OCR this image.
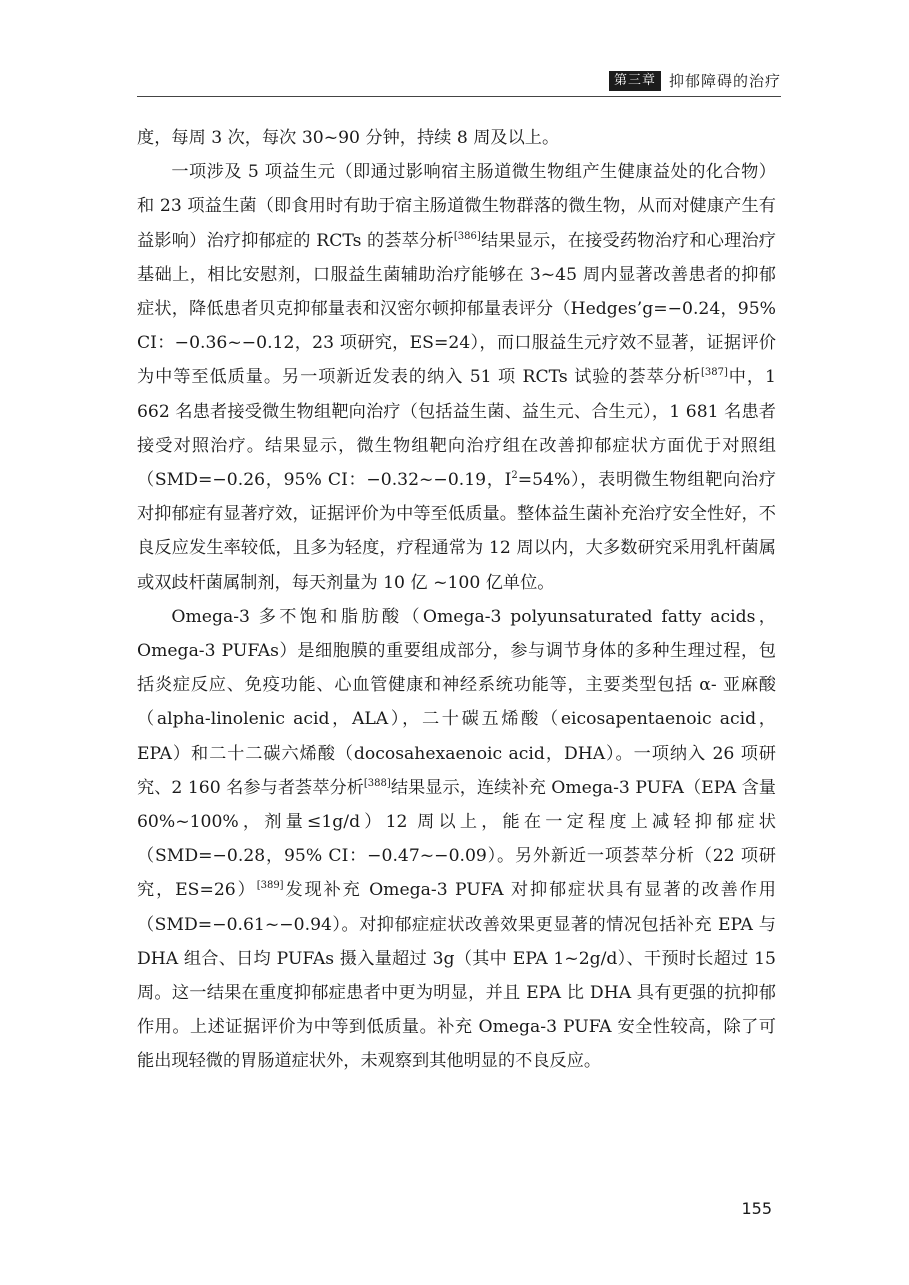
第三章 抑郁障碍的治疗

度，每周 3 次，每次 30~90 分钟，持续 8 周及以上。

一项涉及 5 项益生元（即通过影响宿主肠道微生物组产生健康益处的化合物）和 23 项益生菌（即食用时有助于宿主肠道微生物群落的微生物，从而对健康产生有益影响）治疗抑郁症的 RCTs 的荟萃分析[386]结果显示，在接受药物治疗和心理治疗基础上，相比安慰剂，口服益生菌辅助治疗能够在 3~45 周内显著改善患者的抑郁症状，降低患者贝克抑郁量表和汉密尔顿抑郁量表评分（Hedges’g=−0.24，95% CI：−0.36~−0.12，23 项研究，ES=24），而口服益生元疗效不显著，证据评价为中等至低质量。另一项新近发表的纳入 51 项 RCTs 试验的荟萃分析[387]中，1 662 名患者接受微生物组靶向治疗（包括益生菌、益生元、合生元），1 681 名患者接受对照治疗。结果显示，微生物组靶向治疗组在改善抑郁症状方面优于对照组（SMD=−0.26，95% CI：−0.32~−0.19，$I^2=54\%$），表明微生物组靶向治疗对抑郁症有显著疗效，证据评价为中等至低质量。整体益生菌补充治疗安全性好，不良反应发生率较低，且多为轻度，疗程通常为 12 周以内，大多数研究采用乳杆菌属或双歧杆菌属制剂，每天剂量为 10 亿 ~100 亿单位。

Omega-3 多不饱和脂肪酸（Omega-3 polyunsaturated fatty acids，Omega-3 PUFAs）是细胞膜的重要组成部分，参与调节身体的多种生理过程，包括炎症反应、免疫功能、心血管健康和神经系统功能等，主要类型包括 α- 亚麻酸（alpha-linolenic acid，ALA），二十碳五烯酸（eicosapentaenoic acid，EPA）和二十二碳六烯酸（docosahexaenoic acid，DHA）。一项纳入 26 项研究、2 160 名参与者荟萃分析[388]结果显示，连续补充 Omega-3 PUFA（EPA 含量 60%~100%，剂量≤1g/d）12 周以上，能在一定程度上减轻抑郁症状（SMD=−0.28，95% CI：−0.47~−0.09）。另外新近一项荟萃分析（22 项研究，ES=26）[389]发现补充 Omega-3 PUFA 对抑郁症状具有显著的改善作用（SMD=−0.61~−0.94）。对抑郁症症状改善效果更显著的情况包括补充 EPA 与 DHA 组合、日均 PUFAs 摄入量超过 3g（其中 EPA 1~2g/d）、干预时长超过 15 周。这一结果在重度抑郁症患者中更为明显，并且 EPA 比 DHA 具有更强的抗抑郁作用。上述证据评价为中等到低质量。补充 Omega-3 PUFA 安全性较高，除了可能出现轻微的胃肠道症状外，未观察到其他明显的不良反应。

155
